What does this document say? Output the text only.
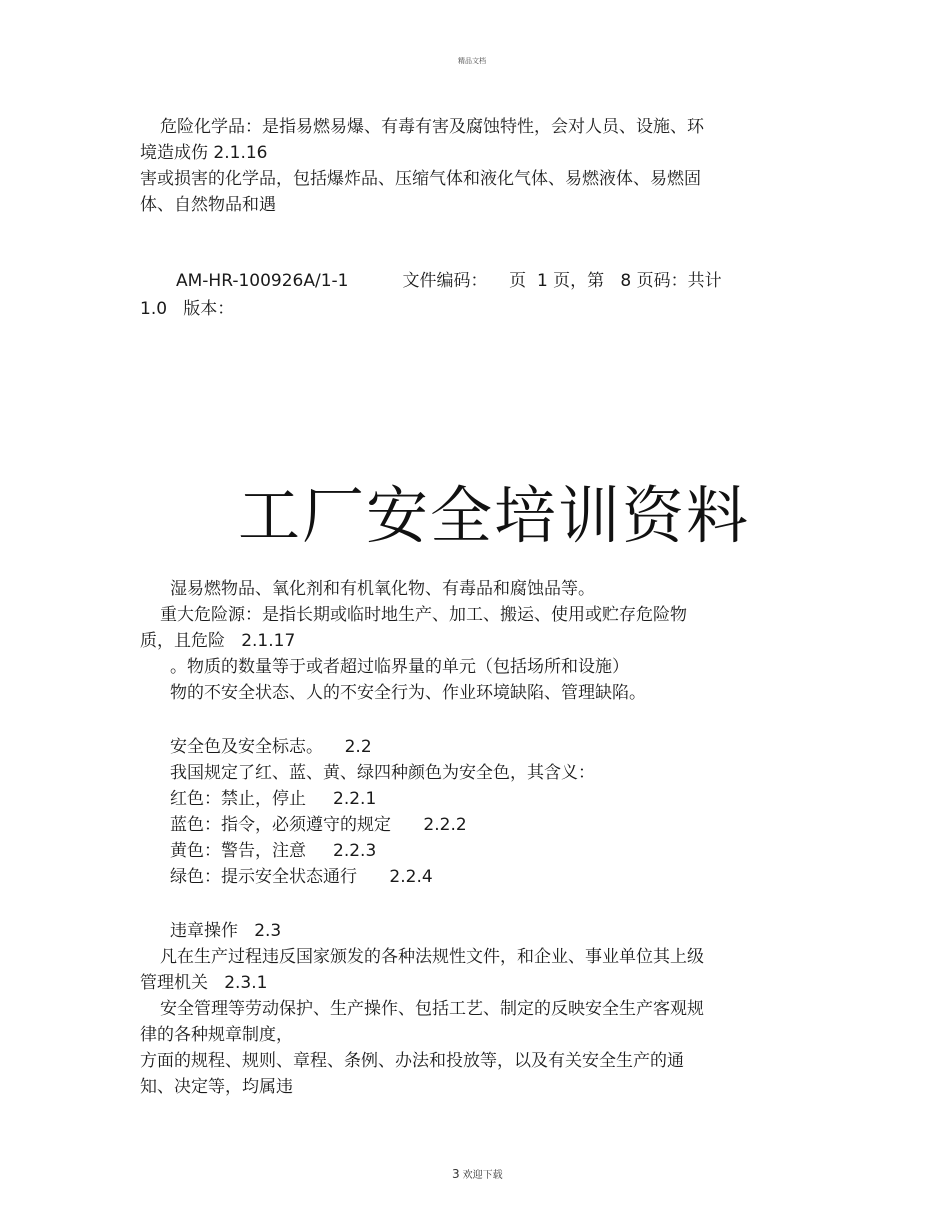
精品文档
危险化学品：是指易燃易爆、有毒有害及腐蚀特性，会对人员、设施、环
境造成伤 2.1.16
害或损害的化学品，包括爆炸品、压缩气体和液化气体、易燃液体、易燃固
体、自然物品和遇
AM-HR-100926A/1-1          文件编码：    页  1 页，第   8 页码：共计
1.0   版本：
工厂安全培训资料
湿易燃物品、氧化剂和有机氧化物、有毒品和腐蚀品等。
重大危险源：是指长期或临时地生产、加工、搬运、使用或贮存危险物
质，且危险   2.1.17
。物质的数量等于或者超过临界量的单元（包括场所和设施）
物的不安全状态、人的不安全行为、作业环境缺陷、管理缺陷。
安全色及安全标志。    2.2
我国规定了红、蓝、黄、绿四种颜色为安全色，其含义：
红色：禁止，停止     2.2.1
蓝色：指令，必须遵守的规定      2.2.2
黄色：警告，注意     2.2.3
绿色：提示安全状态通行      2.2.4
违章操作   2.3
凡在生产过程违反国家颁发的各种法规性文件，和企业、事业单位其上级
管理机关   2.3.1
安全管理等劳动保护、生产操作、包括工艺、制定的反映安全生产客观规
律的各种规章制度，
方面的规程、规则、章程、条例、办法和投放等，以及有关安全生产的通
知、决定等，均属违
3 欢迎下载
